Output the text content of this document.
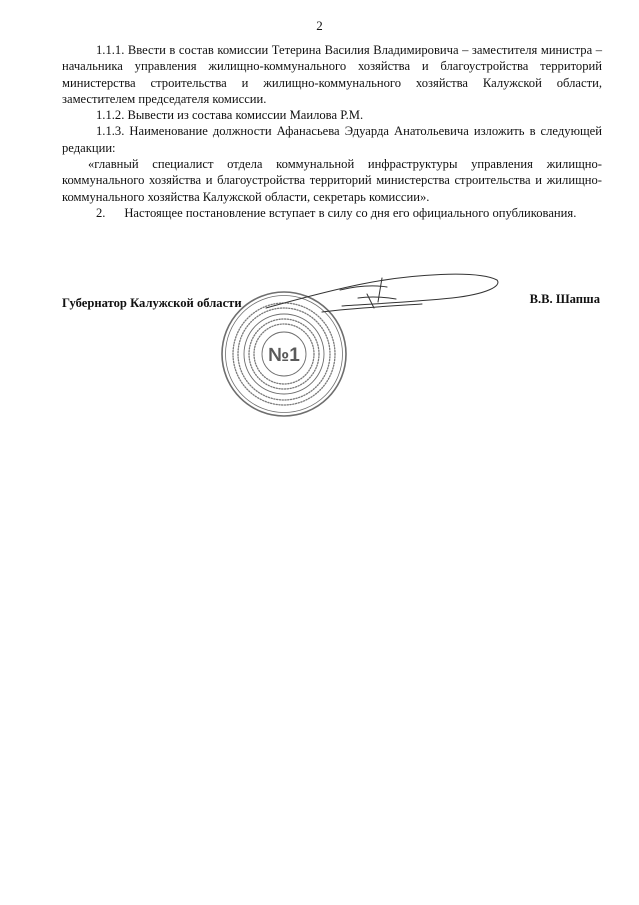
2

1.1.1. Ввести в состав комиссии Тетерина Василия Владимировича – заместителя министра – начальника управления жилищно-коммунального хозяйства и благоустройства территорий министерства строительства и жилищно-коммунального хозяйства Калужской области, заместителем председателя комиссии.

1.1.2. Вывести из состава комиссии Маилова Р.М.

1.1.3. Наименование должности Афанасьева Эдуарда Анатольевича изложить в следующей редакции:

«главный специалист отдела коммунальной инфраструктуры управления жилищно-коммунального хозяйства и благоустройства территорий министерства строительства и жилищно-коммунального хозяйства Калужской области, секретарь комиссии».

2.      Настоящее постановление вступает в силу со дня его официального опубликования.

Губернатор Калужской области	В.В. Шапша
№1
